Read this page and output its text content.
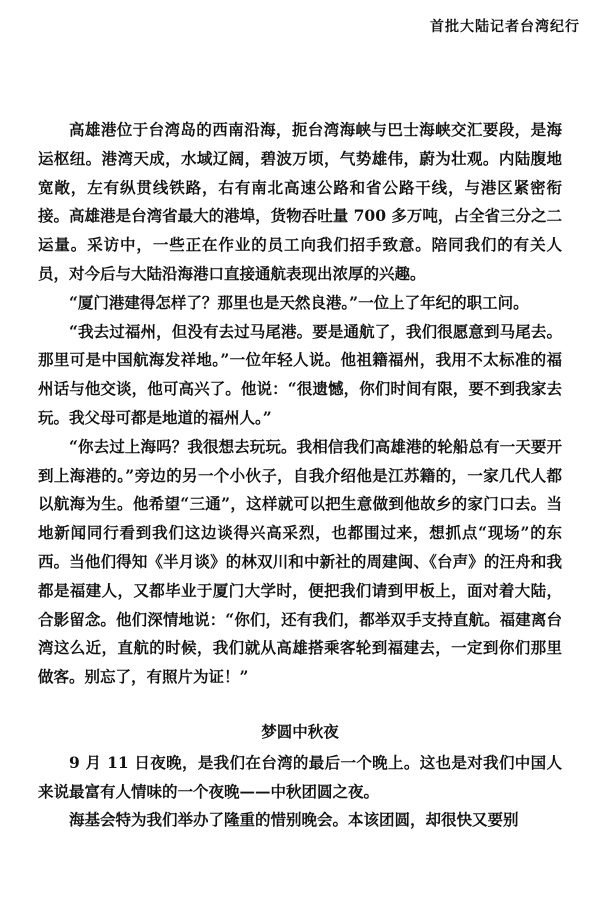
首批大陆记者台湾纪行

高雄港位于台湾岛的西南沿海，扼台湾海峡与巴士海峡交汇要段，是海运枢纽。港湾天成，水域辽阔，碧波万顷，气势雄伟，蔚为壮观。内陆腹地宽敞，左有纵贯线铁路，右有南北高速公路和省公路干线，与港区紧密衔接。高雄港是台湾省最大的港埠，货物吞吐量 700 多万吨，占全省三分之二运量。采访中，一些正在作业的员工向我们招手致意。陪同我们的有关人员，对今后与大陆沿海港口直接通航表现出浓厚的兴趣。

“厦门港建得怎样了？那里也是天然良港。”一位上了年纪的职工问。

“我去过福州，但没有去过马尾港。要是通航了，我们很愿意到马尾去。那里可是中国航海发祥地。”一位年轻人说。他祖籍福州，我用不太标准的福州话与他交谈，他可高兴了。他说：“很遗憾，你们时间有限，要不到我家去玩。我父母可都是地道的福州人。”

“你去过上海吗？我很想去玩玩。我相信我们高雄港的轮船总有一天要开到上海港的。”旁边的另一个小伙子，自我介绍他是江苏籍的，一家几代人都以航海为生。他希望“三通”，这样就可以把生意做到他故乡的家门口去。当地新闻同行看到我们这边谈得兴高采烈，也都围过来，想抓点“现场”的东西。当他们得知《半月谈》的林双川和中新社的周建闽、《台声》的汪舟和我都是福建人，又都毕业于厦门大学时，便把我们请到甲板上，面对着大陆，合影留念。他们深情地说：“你们，还有我们，都举双手支持直航。福建离台湾这么近，直航的时候，我们就从高雄搭乘客轮到福建去，一定到你们那里做客。别忘了，有照片为证！”

梦圆中秋夜

9 月 11 日夜晚，是我们在台湾的最后一个晚上。这也是对我们中国人来说最富有人情味的一个夜晚——中秋团圆之夜。

海基会特为我们举办了隆重的惜别晚会。本该团圆，却很快又要别
